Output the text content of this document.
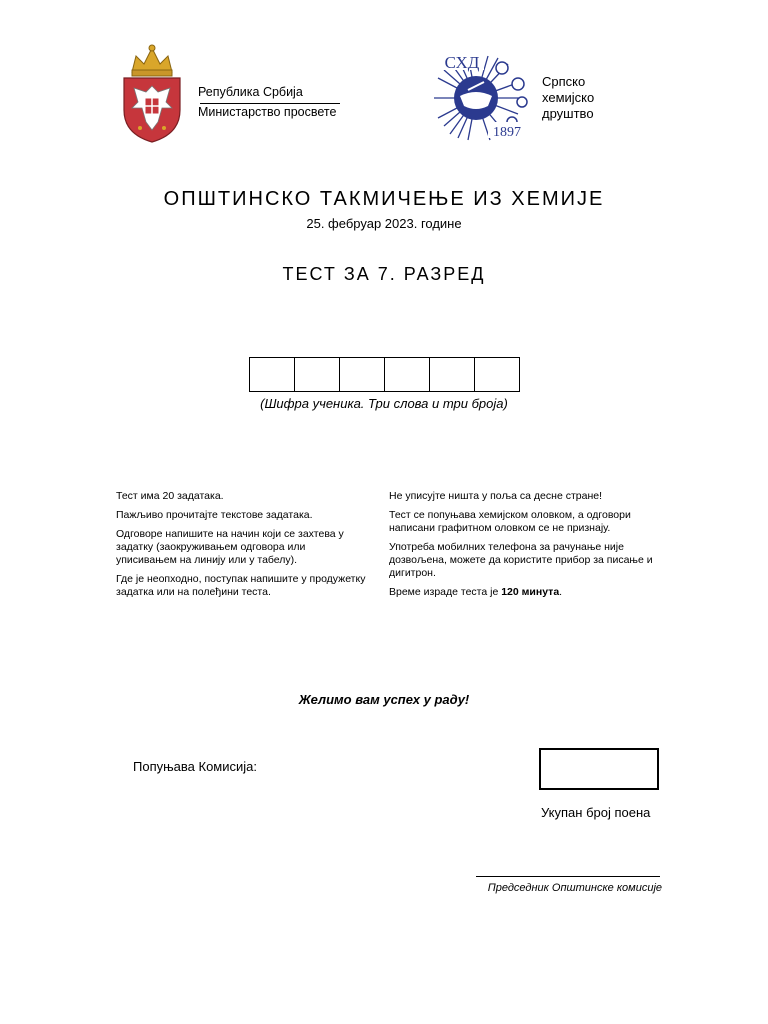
Република Србија
Министарство просвете
СХД
1897
Српско
хемијско
друштво
ОПШТИНСКО ТАКМИЧЕЊЕ ИЗ ХЕМИЈЕ
25. фебруар 2023. године
ТЕСТ ЗА 7. РАЗРЕД
(Шифра ученика. Три слова и три броја)

Тест има 20 задатака.

Пажљиво прочитајте текстове задатака.

Одговоре напишите на начин који се захтева у задатку (заокруживањем одговора или уписивањем на линију или у табелу).

Где је неопходно, поступак напишите у продужетку задатка или на полеђини теста.

Не уписујте ништа у поља са десне стране!

Тест се попуњава хемијском оловком, а одговори написани графитном оловком се не признају.

Употреба мобилних телефона за рачунање није дозвољена, можете да користите прибор за писање и дигитрон.

Време израде теста је 120 минута.

Желимо вам успех у раду!
Попуњава Комисија:
Укупан број поена
Председник Општинске комисије
